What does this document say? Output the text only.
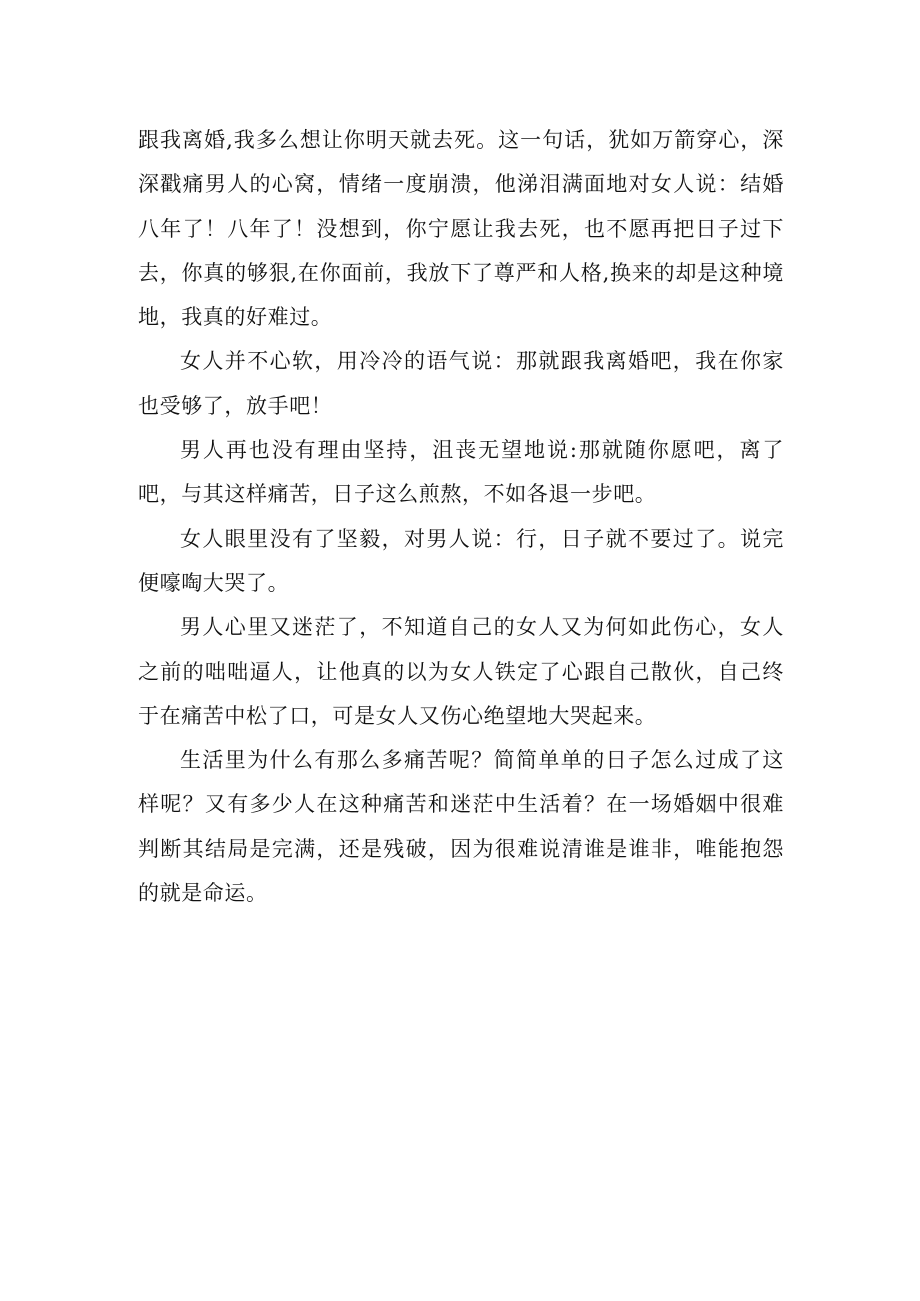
跟我离婚,我多么想让你明天就去死。这一句话，犹如万箭穿心，深深戳痛男人的心窝，情绪一度崩溃，他涕泪满面地对女人说：结婚八年了！八年了！没想到，你宁愿让我去死，也不愿再把日子过下去，你真的够狠,在你面前，我放下了尊严和人格,换来的却是这种境地，我真的好难过。

女人并不心软，用冷冷的语气说：那就跟我离婚吧，我在你家也受够了，放手吧！

男人再也没有理由坚持，沮丧无望地说:那就随你愿吧，离了吧，与其这样痛苦，日子这么煎熬，不如各退一步吧。

女人眼里没有了坚毅，对男人说：行，日子就不要过了。说完便嚎啕大哭了。

男人心里又迷茫了，不知道自己的女人又为何如此伤心，女人之前的咄咄逼人，让他真的以为女人铁定了心跟自己散伙，自己终于在痛苦中松了口，可是女人又伤心绝望地大哭起来。

生活里为什么有那么多痛苦呢？简简单单的日子怎么过成了这样呢？又有多少人在这种痛苦和迷茫中生活着？在一场婚姻中很难判断其结局是完满，还是残破，因为很难说清谁是谁非，唯能抱怨的就是命运。
